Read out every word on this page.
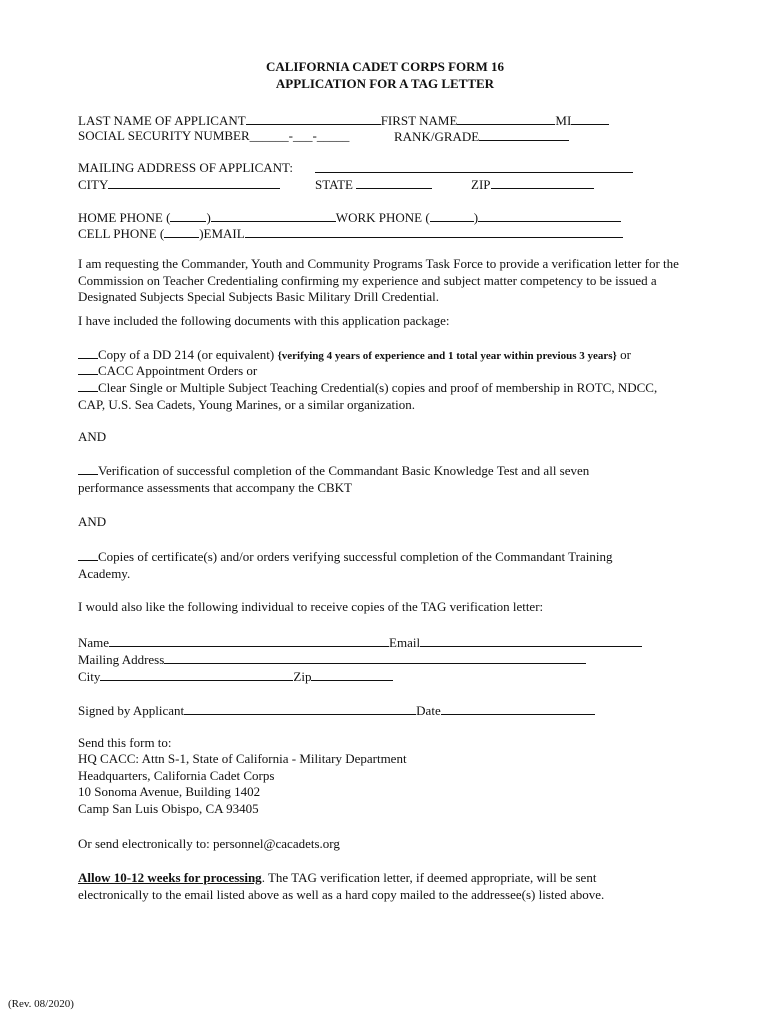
CALIFORNIA CADET CORPS FORM 16
APPLICATION FOR A TAG LETTER
LAST NAME OF APPLICANT	FIRST NAME	MI
SOCIAL SECURITY NUMBER______-___-_____	RANK/GRADE
MAILING ADDRESS OF APPLICANT:
CITY	STATE	ZIP
HOME PHONE (	)	WORK PHONE (	)
CELL PHONE (	)EMAIL
I am requesting the Commander, Youth and Community Programs Task Force to provide a verification letter for the Commission on Teacher Credentialing confirming my experience and subject matter competency to be issued a Designated Subjects Special Subjects Basic Military Drill Credential.
I have included the following documents with this application package:
Copy of a DD 214 (or equivalent) {verifying 4 years of experience and 1 total year within previous 3 years} or
CACC Appointment Orders or
Clear Single or Multiple Subject Teaching Credential(s) copies and proof of membership in ROTC, NDCC, CAP, U.S. Sea Cadets, Young Marines, or a similar organization.
AND
Verification of successful completion of the Commandant Basic Knowledge Test and all seven performance assessments that accompany the CBKT
AND
Copies of certificate(s) and/or orders verifying successful completion of the Commandant Training Academy.
I would also like the following individual to receive copies of the TAG verification letter:
Name	Email
Mailing Address
City	Zip
Signed by Applicant	Date
Send this form to:
HQ CACC: Attn S-1, State of California - Military Department
Headquarters, California Cadet Corps
10 Sonoma Avenue, Building 1402
Camp San Luis Obispo, CA 93405
Or send electronically to: personnel@cacadets.org
Allow 10-12 weeks for processing. The TAG verification letter, if deemed appropriate, will be sent electronically to the email listed above as well as a hard copy mailed to the addressee(s) listed above.
(Rev. 08/2020)
